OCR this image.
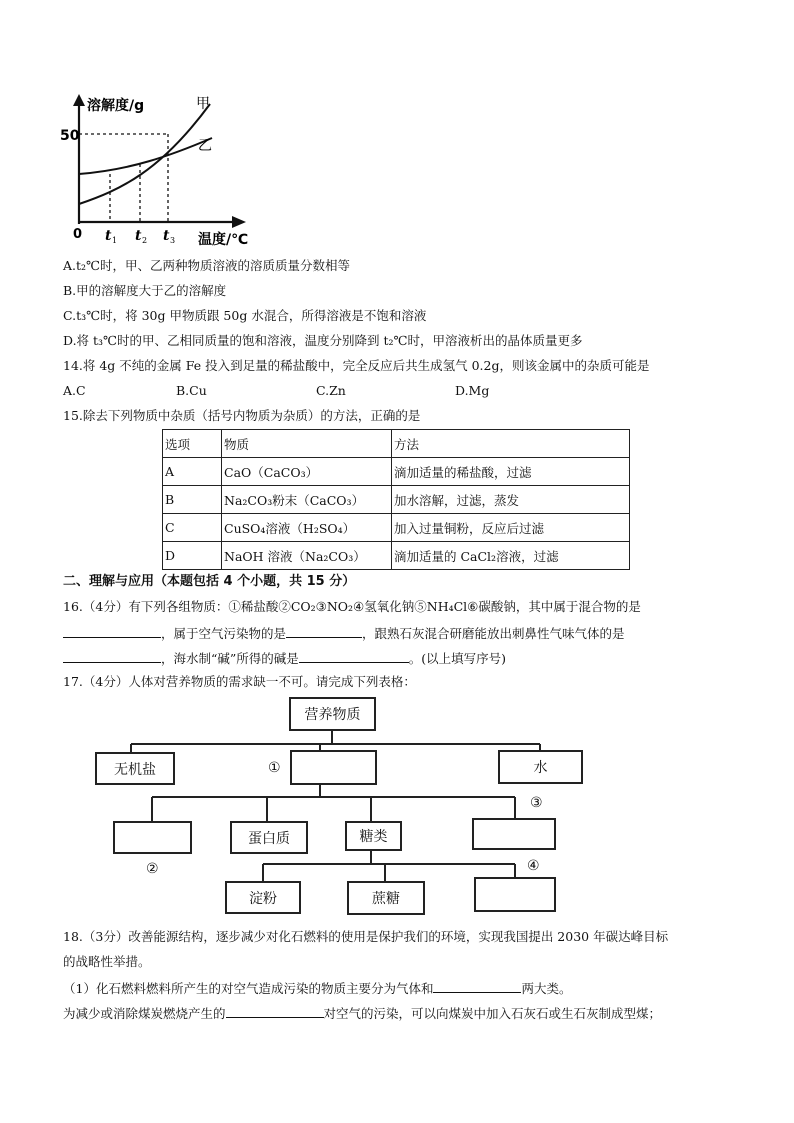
溶解度/g	甲
乙
50
0 t 1 t 2 t 3 温度/℃
A.t₂℃时，甲、乙两种物质溶液的溶质质量分数相等
B.甲的溶解度大于乙的溶解度
C.t₃℃时，将 30g 甲物质跟 50g 水混合，所得溶液是不饱和溶液
D.将 t₃℃时的甲、乙相同质量的饱和溶液，温度分别降到 t₂℃时，甲溶液析出的晶体质量更多
14.将 4g 不纯的金属 Fe 投入到足量的稀盐酸中，完全反应后共生成氢气 0.2g，则该金属中的杂质可能是
A.C	B.Cu	C.Zn	D.Mg
15.除去下列物质中杂质（括号内物质为杂质）的方法，正确的是
选项	物质	方法
A	CaO（CaCO₃）	滴加适量的稀盐酸，过滤
B	Na₂CO₃粉末（CaCO₃）	加水溶解，过滤，蒸发
C	CuSO₄溶液（H₂SO₄）	加入过量铜粉，反应后过滤
D	NaOH 溶液（Na₂CO₃）	滴加适量的 CaCl₂溶液，过滤
二、理解与应用（本题包括 4 个小题，共 15 分）
16.（4分）有下列各组物质：①稀盐酸②CO₂③NO₂④氢氧化钠⑤NH₄Cl⑥碳酸钠，其中属于混合物的是
，属于空气污染物的是	，跟熟石灰混合研磨能放出刺鼻性气味气体的是
，海水制“碱”所得的碱是	。(以上填写序号)
17.（4分）人体对营养物质的需求缺一不可。请完成下列表格：
营养物质
无机盐	①	水
②
蛋白质	糖类
③
淀粉	蔗糖
④
18.（3分）改善能源结构，逐步减少对化石燃料的使用是保护我们的环境，实现我国提出 2030 年碳达峰目标
的战略性举措。
（1）化石燃料燃料所产生的对空气造成污染的物质主要分为气体和	两大类。
为减少或消除煤炭燃烧产生的	对空气的污染，可以向煤炭中加入石灰石或生石灰制成型煤；
